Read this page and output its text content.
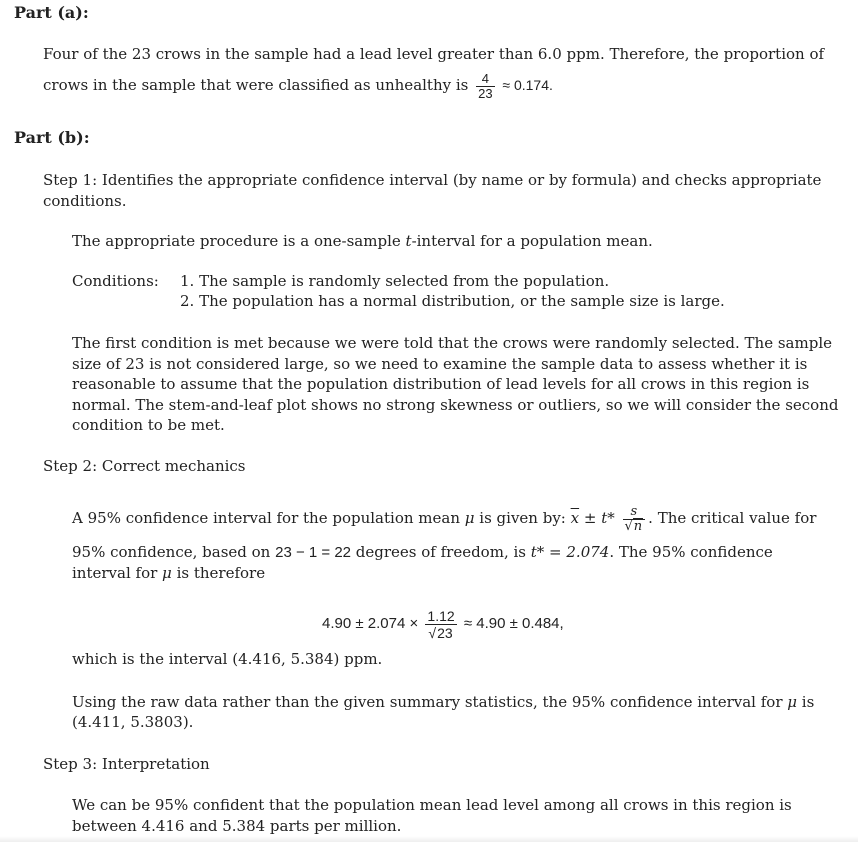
Part (a):
Four of the 23 crows in the sample had a lead level greater than 6.0 ppm. Therefore, the proportion of
crows in the sample that were classified as unhealthy is $\frac{4}{23} \approx 0.174$.
Part (b):
Step 1: Identifies the appropriate confidence interval (by name or by formula) and checks appropriate conditions.
The appropriate procedure is a one-sample t-interval for a population mean.
Conditions: 1. The sample is randomly selected from the population.
2. The population has a normal distribution, or the sample size is large.
The first condition is met because we were told that the crows were randomly selected. The sample size of 23 is not considered large, so we need to examine the sample data to assess whether it is reasonable to assume that the population distribution of lead levels for all crows in this region is normal. The stem-and-leaf plot shows no strong skewness or outliers, so we will consider the second condition to be met.
Step 2: Correct mechanics
A 95% confidence interval for the population mean μ is given by: $\overline{x} \pm t* \frac{s}{√n}$ . The critical value for
95% confidence, based on 23 − 1 = 22 degrees of freedom, is t* = 2.074. The 95% confidence
interval for μ is therefore
$4.90 \pm 2.074 \times \frac{1.12}{√23} \approx 4.90 \pm 0.484$,
which is the interval (4.416, 5.384) ppm.
Using the raw data rather than the given summary statistics, the 95% confidence interval for μ is
(4.411, 5.3803).
Step 3: Interpretation
We can be 95% confident that the population mean lead level among all crows in this region is between 4.416 and 5.384 parts per million.
